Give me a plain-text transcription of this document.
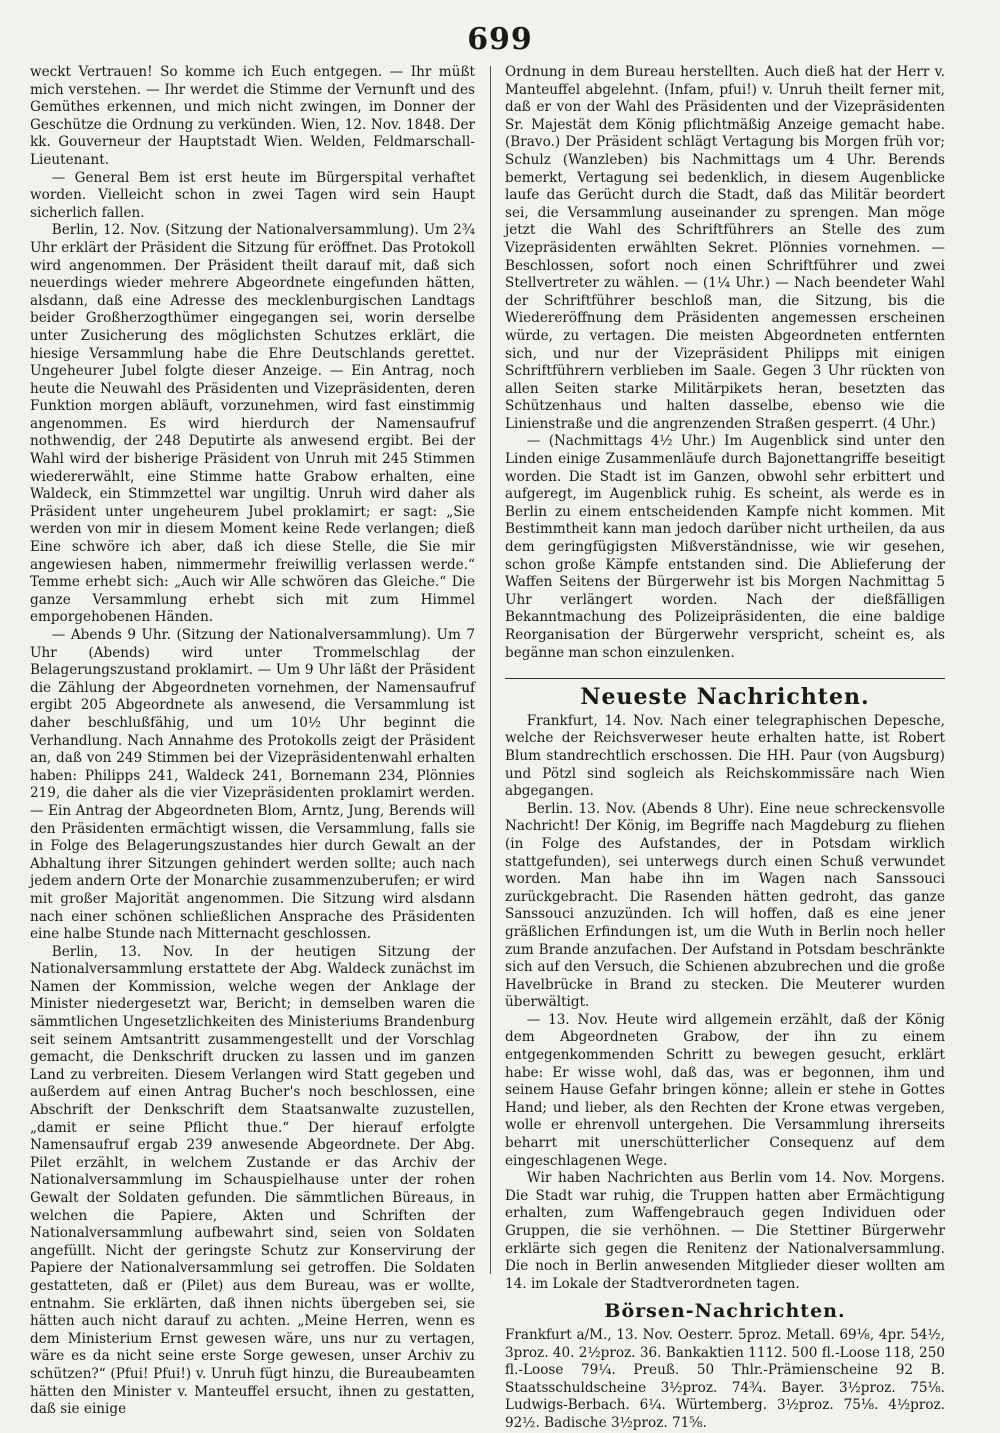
699

weckt Vertrauen! So komme ich Euch entgegen. — Ihr müßt mich verstehen. — Ihr werdet die Stimme der Vernunft und des Gemüthes erkennen, und mich nicht zwingen, im Donner der Geschütze die Ordnung zu verkünden. Wien, 12. Nov. 1848. Der kk. Gouverneur der Hauptstadt Wien. Welden, Feldmarschall-Lieutenant.

— General Bem ist erst heute im Bürgerspital verhaftet worden. Vielleicht schon in zwei Tagen wird sein Haupt sicherlich fallen.

Berlin, 12. Nov. (Sitzung der Nationalversammlung). Um 2¾ Uhr erklärt der Präsident die Sitzung für eröffnet. Das Protokoll wird angenommen. Der Präsident theilt darauf mit, daß sich neuerdings wieder mehrere Abgeordnete eingefunden hätten, alsdann, daß eine Adresse des mecklenburgischen Landtags beider Großherzogthümer eingegangen sei, worin derselbe unter Zusicherung des möglichsten Schutzes erklärt, die hiesige Versammlung habe die Ehre Deutschlands gerettet. Ungeheurer Jubel folgte dieser Anzeige. — Ein Antrag, noch heute die Neuwahl des Präsidenten und Vizepräsidenten, deren Funktion morgen abläuft, vorzunehmen, wird fast einstimmig angenommen. Es wird hierdurch der Namensaufruf nothwendig, der 248 Deputirte als anwesend ergibt. Bei der Wahl wird der bisherige Präsident von Unruh mit 245 Stimmen wiedererwählt, eine Stimme hatte Grabow erhalten, eine Waldeck, ein Stimmzettel war ungiltig. Unruh wird daher als Präsident unter ungeheurem Jubel proklamirt; er sagt: „Sie werden von mir in diesem Moment keine Rede verlangen; dieß Eine schwöre ich aber, daß ich diese Stelle, die Sie mir angewiesen haben, nimmermehr freiwillig verlassen werde.“ Temme erhebt sich: „Auch wir Alle schwören das Gleiche.“ Die ganze Versammlung erhebt sich mit zum Himmel emporgehobenen Händen.

— Abends 9 Uhr. (Sitzung der Nationalversammlung). Um 7 Uhr (Abends) wird unter Trommelschlag der Belagerungszustand proklamirt. — Um 9 Uhr läßt der Präsident die Zählung der Abgeordneten vornehmen, der Namensaufruf ergibt 205 Abgeordnete als anwesend, die Versammlung ist daher beschlußfähig, und um 10½ Uhr beginnt die Verhandlung. Nach Annahme des Protokolls zeigt der Präsident an, daß von 249 Stimmen bei der Vizepräsidentenwahl erhalten haben: Philipps 241, Waldeck 241, Bornemann 234, Plönnies 219, die daher als die vier Vizepräsidenten proklamirt werden. — Ein Antrag der Abgeordneten Blom, Arntz, Jung, Berends will den Präsidenten ermächtigt wissen, die Versammlung, falls sie in Folge des Belagerungszustandes hier durch Gewalt an der Abhaltung ihrer Sitzungen gehindert werden sollte; auch nach jedem andern Orte der Monarchie zusammenzuberufen; er wird mit großer Majorität angenommen. Die Sitzung wird alsdann nach einer schönen schließlichen Ansprache des Präsidenten eine halbe Stunde nach Mitternacht geschlossen.

Berlin, 13. Nov. In der heutigen Sitzung der Nationalversammlung erstattete der Abg. Waldeck zunächst im Namen der Kommission, welche wegen der Anklage der Minister niedergesetzt war, Bericht; in demselben waren die sämmtlichen Ungesetzlichkeiten des Ministeriums Brandenburg seit seinem Amtsantritt zusammengestellt und der Vorschlag gemacht, die Denkschrift drucken zu lassen und im ganzen Land zu verbreiten. Diesem Verlangen wird Statt gegeben und außerdem auf einen Antrag Bucher's noch beschlossen, eine Abschrift der Denkschrift dem Staatsanwalte zuzustellen, „damit er seine Pflicht thue.“ Der hierauf erfolgte Namensaufruf ergab 239 anwesende Abgeordnete. Der Abg. Pilet erzählt, in welchem Zustande er das Archiv der Nationalversammlung im Schauspielhause unter der rohen Gewalt der Soldaten gefunden. Die sämmtlichen Büreaus, in welchen die Papiere, Akten und Schriften der Nationalversammlung aufbewahrt sind, seien von Soldaten angefüllt. Nicht der geringste Schutz zur Konservirung der Papiere der Nationalversammlung sei getroffen. Die Soldaten gestatteten, daß er (Pilet) aus dem Bureau, was er wollte, entnahm. Sie erklärten, daß ihnen nichts übergeben sei, sie hätten auch nicht darauf zu achten. „Meine Herren, wenn es dem Ministerium Ernst gewesen wäre, uns nur zu vertagen, wäre es da nicht seine erste Sorge gewesen, unser Archiv zu schützen?“ (Pfui! Pfui!) v. Unruh fügt hinzu, die Bureaubeamten hätten den Minister v. Manteuffel ersucht, ihnen zu gestatten, daß sie einige

Ordnung in dem Bureau herstellten. Auch dieß hat der Herr v. Manteuffel abgelehnt. (Infam, pfui!) v. Unruh theilt ferner mit, daß er von der Wahl des Präsidenten und der Vizepräsidenten Sr. Majestät dem König pflichtmäßig Anzeige gemacht habe. (Bravo.) Der Präsident schlägt Vertagung bis Morgen früh vor; Schulz (Wanzleben) bis Nachmittags um 4 Uhr. Berends bemerkt, Vertagung sei bedenklich, in diesem Augenblicke laufe das Gerücht durch die Stadt, daß das Militär beordert sei, die Versammlung auseinander zu sprengen. Man möge jetzt die Wahl des Schriftführers an Stelle des zum Vizepräsidenten erwählten Sekret. Plönnies vornehmen. — Beschlossen, sofort noch einen Schriftführer und zwei Stellvertreter zu wählen. — (1¼ Uhr.) — Nach beendeter Wahl der Schriftführer beschloß man, die Sitzung, bis die Wiedereröffnung dem Präsidenten angemessen erscheinen würde, zu vertagen. Die meisten Abgeordneten entfernten sich, und nur der Vizepräsident Philipps mit einigen Schriftführern verblieben im Saale. Gegen 3 Uhr rückten von allen Seiten starke Militärpikets heran, besetzten das Schützenhaus und halten dasselbe, ebenso wie die Linienstraße und die angrenzenden Straßen gesperrt. (4 Uhr.)

— (Nachmittags 4½ Uhr.) Im Augenblick sind unter den Linden einige Zusammenläufe durch Bajonettangriffe beseitigt worden. Die Stadt ist im Ganzen, obwohl sehr erbittert und aufgeregt, im Augenblick ruhig. Es scheint, als werde es in Berlin zu einem entscheidenden Kampfe nicht kommen. Mit Bestimmtheit kann man jedoch darüber nicht urtheilen, da aus dem geringfügigsten Mißverständnisse, wie wir gesehen, schon große Kämpfe entstanden sind. Die Ablieferung der Waffen Seitens der Bürgerwehr ist bis Morgen Nachmittag 5 Uhr verlängert worden. Nach der dießfälligen Bekanntmachung des Polizeipräsidenten, die eine baldige Reorganisation der Bürgerwehr verspricht, scheint es, als begänne man schon einzulenken.

Neueste Nachrichten.

Frankfurt, 14. Nov. Nach einer telegraphischen Depesche, welche der Reichsverweser heute erhalten hatte, ist Robert Blum standrechtlich erschossen. Die HH. Paur (von Augsburg) und Pötzl sind sogleich als Reichskommissäre nach Wien abgegangen.

Berlin. 13. Nov. (Abends 8 Uhr). Eine neue schreckensvolle Nachricht! Der König, im Begriffe nach Magdeburg zu fliehen (in Folge des Aufstandes, der in Potsdam wirklich stattgefunden), sei unterwegs durch einen Schuß verwundet worden. Man habe ihn im Wagen nach Sanssouci zurückgebracht. Die Rasenden hätten gedroht, das ganze Sanssouci anzuzünden. Ich will hoffen, daß es eine jener gräßlichen Erfindungen ist, um die Wuth in Berlin noch heller zum Brande anzufachen. Der Aufstand in Potsdam beschränkte sich auf den Versuch, die Schienen abzubrechen und die große Havelbrücke in Brand zu stecken. Die Meuterer wurden überwältigt.

— 13. Nov. Heute wird allgemein erzählt, daß der König dem Abgeordneten Grabow, der ihn zu einem entgegenkommenden Schritt zu bewegen gesucht, erklärt habe: Er wisse wohl, daß das, was er begonnen, ihm und seinem Hause Gefahr bringen könne; allein er stehe in Gottes Hand; und lieber, als den Rechten der Krone etwas vergeben, wolle er ehrenvoll untergehen. Die Versammlung ihrerseits beharrt mit unerschütterlicher Consequenz auf dem eingeschlagenen Wege.

Wir haben Nachrichten aus Berlin vom 14. Nov. Morgens. Die Stadt war ruhig, die Truppen hatten aber Ermächtigung erhalten, zum Waffengebrauch gegen Individuen oder Gruppen, die sie verhöhnen. — Die Stettiner Bürgerwehr erklärte sich gegen die Renitenz der Nationalversammlung. Die noch in Berlin anwesenden Mitglieder dieser wollten am 14. im Lokale der Stadtverordneten tagen.

Börsen-Nachrichten.

Frankfurt a/M., 13. Nov. Oesterr. 5proz. Metall. 69⅛, 4pr. 54½, 3proz. 40. 2½proz. 36. Bankaktien 1112. 500 fl.-Loose 118, 250 fl.-Loose 79¼. Preuß. 50 Thlr.-Prämienscheine 92 B. Staatsschuldscheine 3½proz. 74¾. Bayer. 3½proz. 75⅛. Ludwigs-Berbach. 6¼. Würtemberg. 3½proz. 75⅛. 4½proz. 92½. Badische 3½proz. 71⅝.
